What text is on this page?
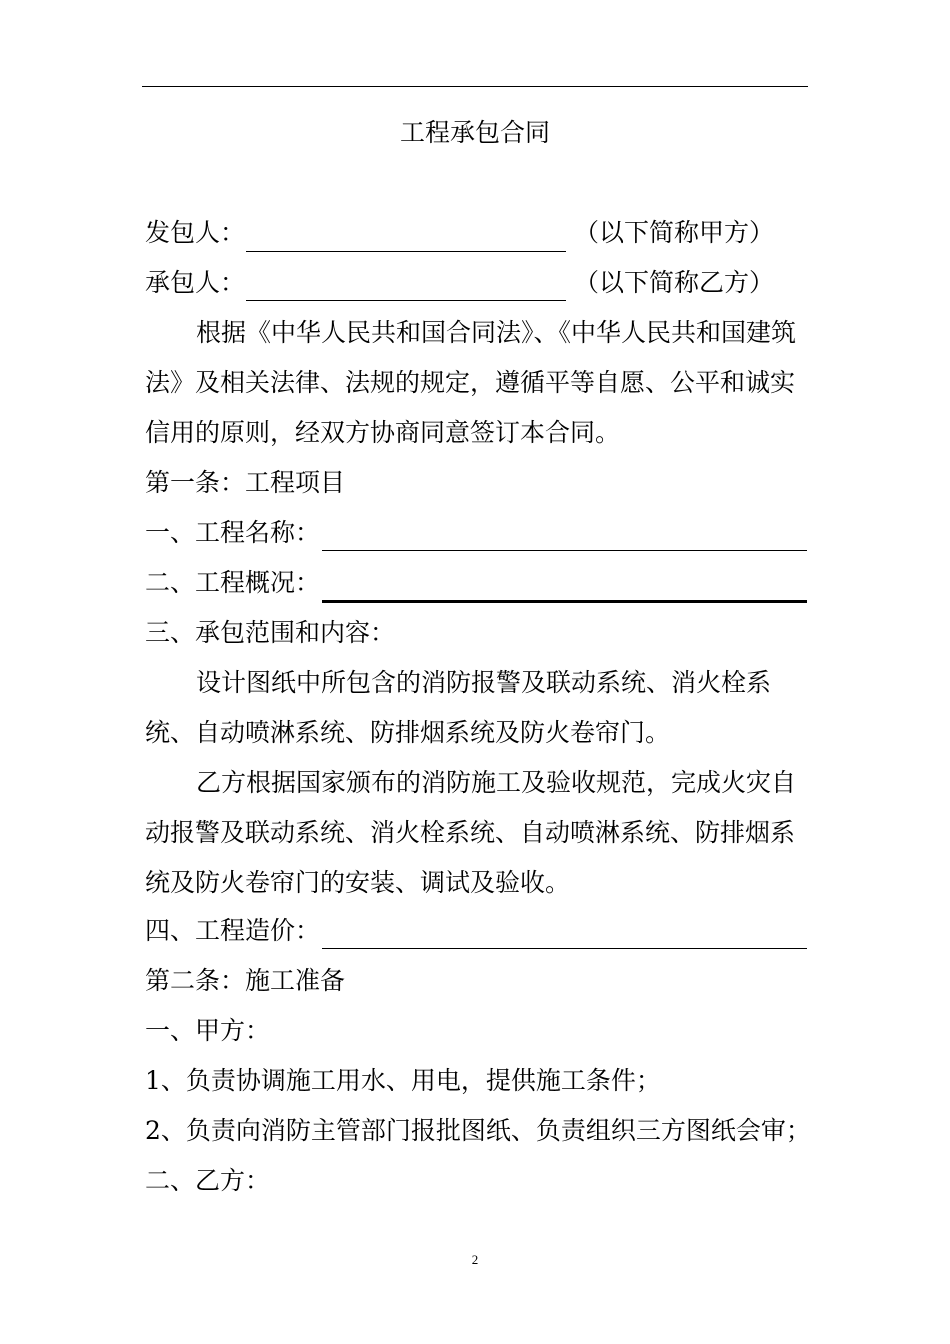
工程承包合同
发包人：	（以下简称甲方）
承包人：	（以下简称乙方）
根据《中华人民共和国合同法》、《中华人民共和国建筑
法》及相关法律、法规的规定，遵循平等自愿、公平和诚实
信用的原则，经双方协商同意签订本合同。
第一条：工程项目
一、工程名称：
二、工程概况：
三、承包范围和内容：
设计图纸中所包含的消防报警及联动系统、消火栓系
统、自动喷淋系统、防排烟系统及防火卷帘门。
乙方根据国家颁布的消防施工及验收规范，完成火灾自
动报警及联动系统、消火栓系统、自动喷淋系统、防排烟系
统及防火卷帘门的安装、调试及验收。
四、工程造价：
第二条：施工准备
一、甲方：
1、负责协调施工用水、用电，提供施工条件；
2、负责向消防主管部门报批图纸、负责组织三方图纸会审；
二、乙方：
2
